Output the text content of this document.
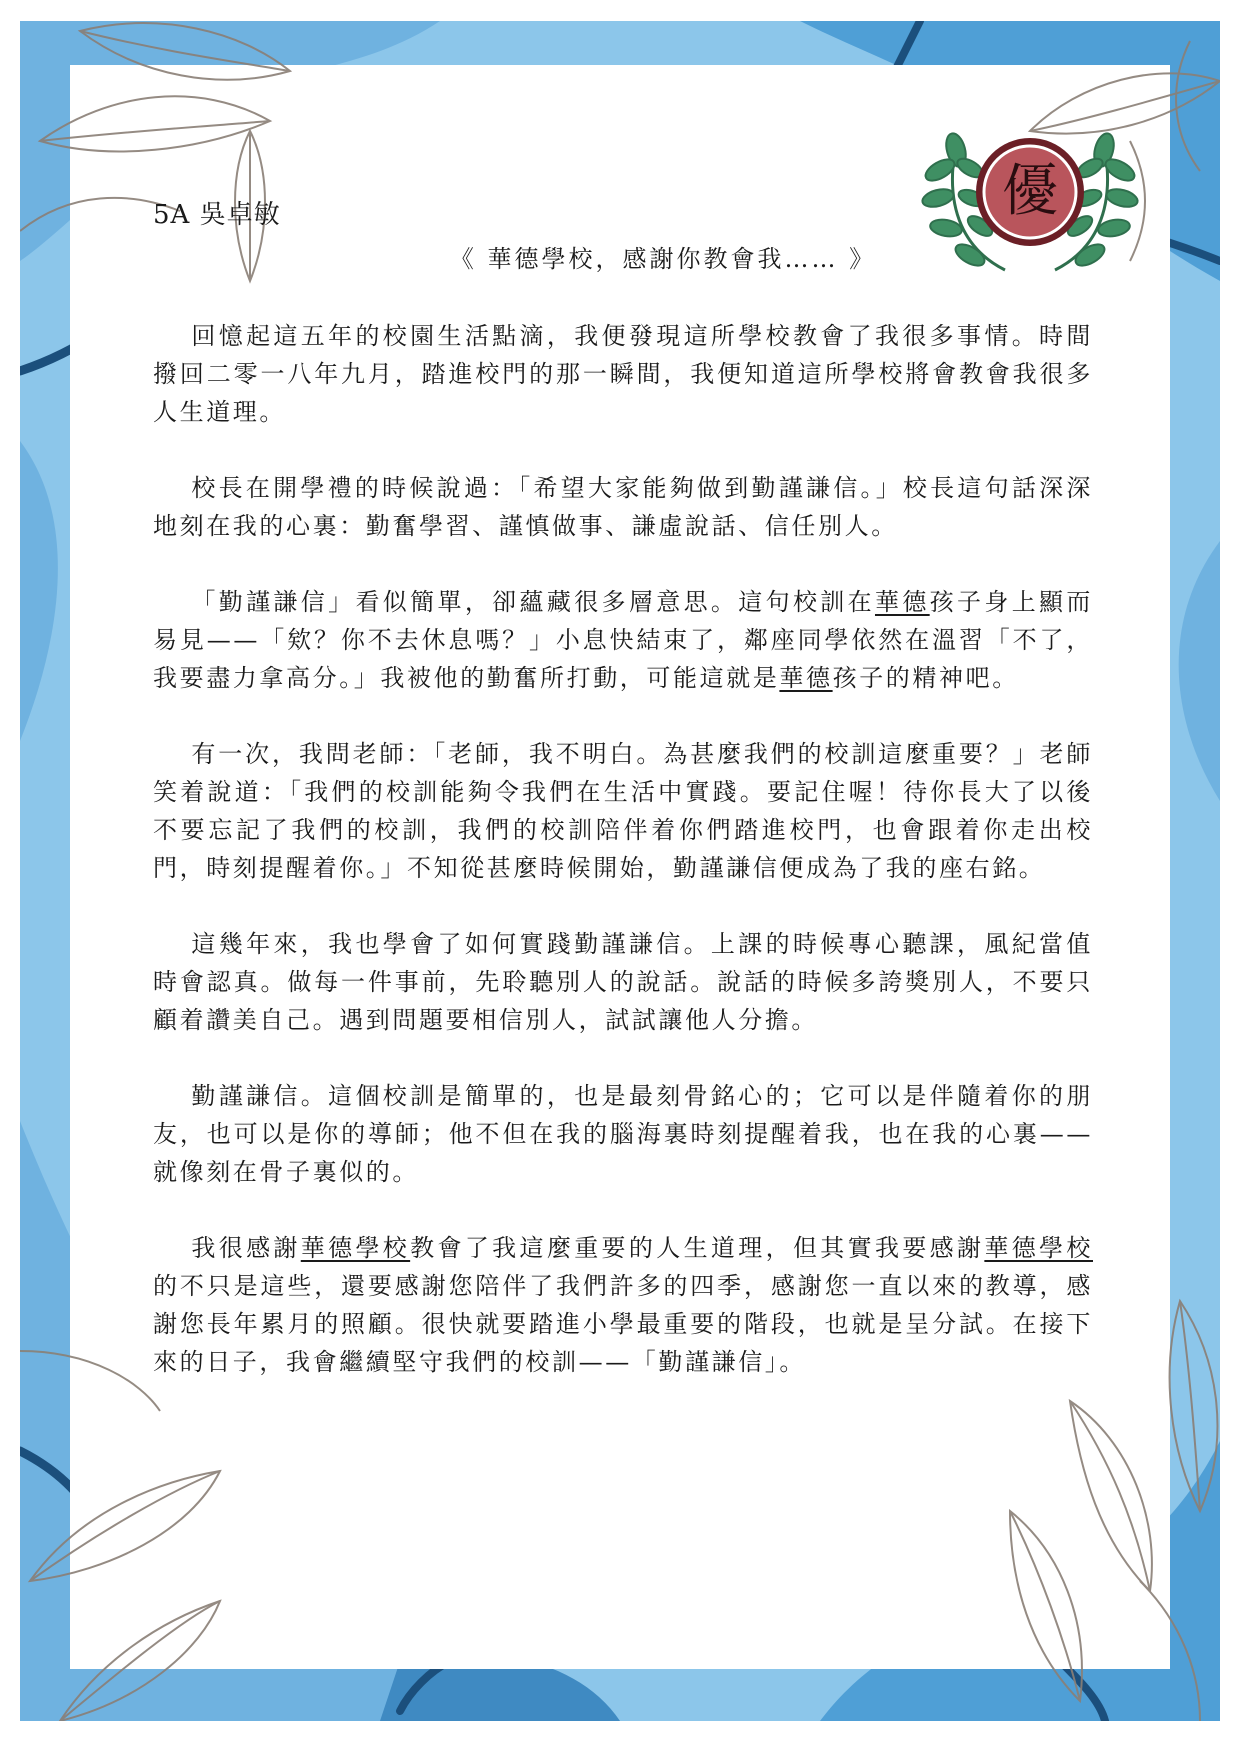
優
5A 吳卓敏
《 華德學校，感謝你教會我…… 》

回憶起這五年的校園生活點滴，我便發現這所學校教會了我很多事情。時間撥回二零一八年九月，踏進校門的那一瞬間，我便知道這所學校將會教會我很多人生道理。

校長在開學禮的時候說過：「希望大家能夠做到勤謹謙信。」校長這句話深深地刻在我的心裏：勤奮學習、謹慎做事、謙虛說話、信任別人。

「勤謹謙信」看似簡單，卻蘊藏很多層意思。這句校訓在華德孩子身上顯而易見——「欸？你不去休息嗎？」小息快結束了，鄰座同學依然在溫習「不了，我要盡力拿高分。」我被他的勤奮所打動，可能這就是華德孩子的精神吧。

有一次，我問老師：「老師，我不明白。為甚麼我們的校訓這麼重要？」老師笑着說道：「我們的校訓能夠令我們在生活中實踐。要記住喔！待你長大了以後不要忘記了我們的校訓，我們的校訓陪伴着你們踏進校門，也會跟着你走出校門，時刻提醒着你。」不知從甚麼時候開始，勤謹謙信便成為了我的座右銘。

這幾年來，我也學會了如何實踐勤謹謙信。上課的時候專心聽課，風紀當值時會認真。做每一件事前，先聆聽別人的說話。說話的時候多誇獎別人，不要只顧着讚美自己。遇到問題要相信別人，試試讓他人分擔。

勤謹謙信。這個校訓是簡單的，也是最刻骨銘心的；它可以是伴隨着你的朋友，也可以是你的導師；他不但在我的腦海裏時刻提醒着我，也在我的心裏——就像刻在骨子裏似的。

我很感謝華德學校教會了我這麼重要的人生道理，但其實我要感謝華德學校的不只是這些，還要感謝您陪伴了我們許多的四季，感謝您一直以來的教導，感謝您長年累月的照顧。很快就要踏進小學最重要的階段，也就是呈分試。在接下來的日子，我會繼續堅守我們的校訓——「勤謹謙信」。
